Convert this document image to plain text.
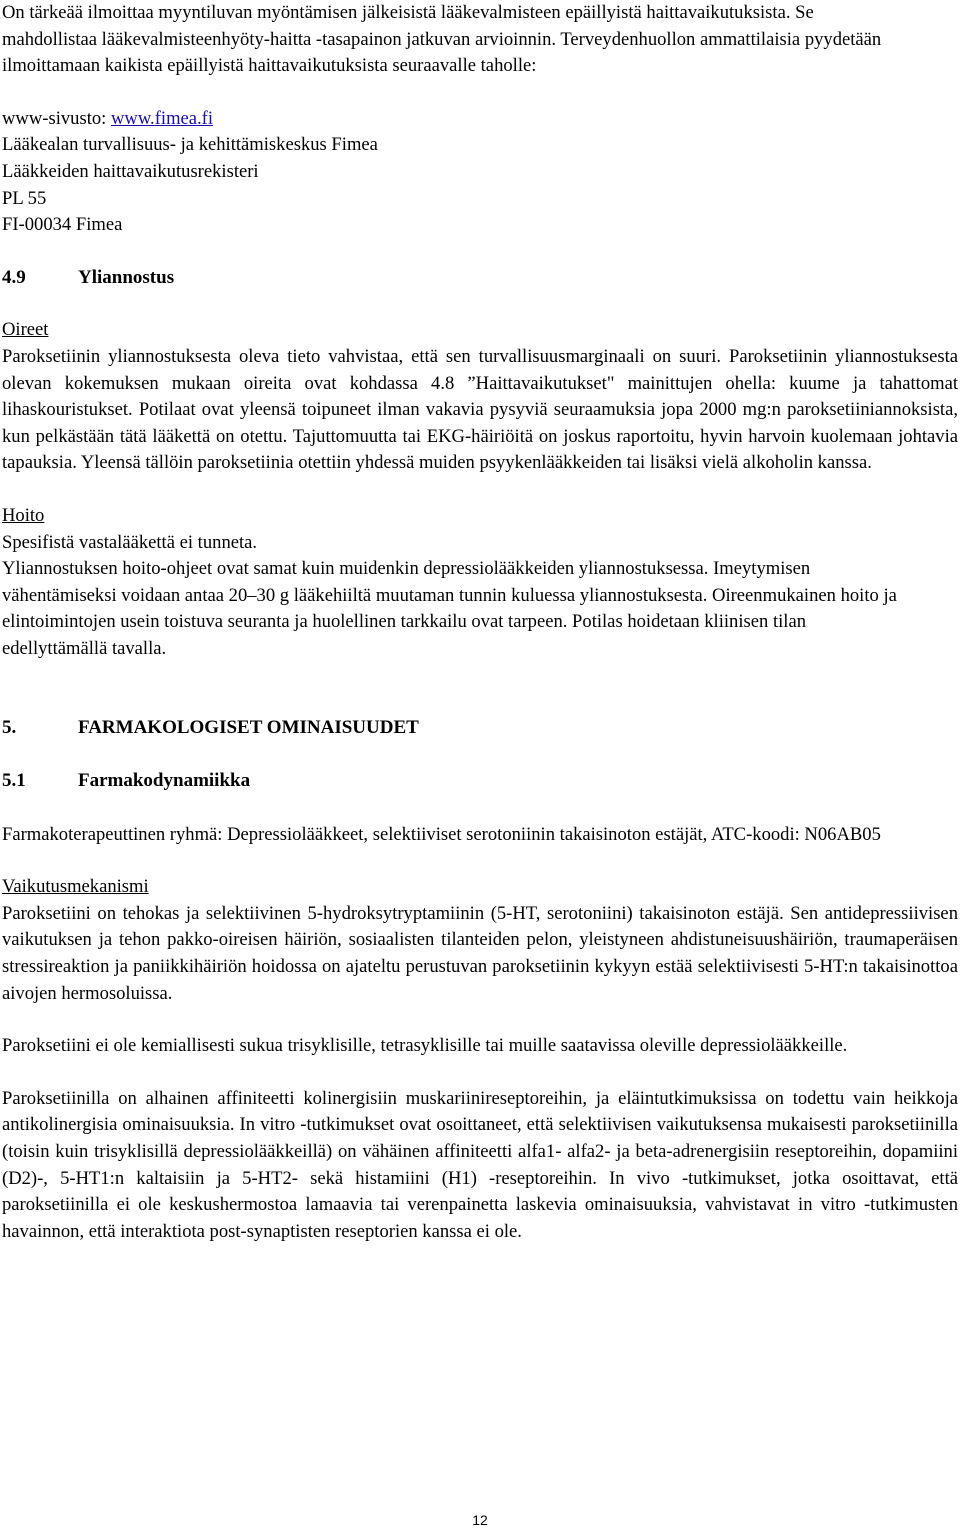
On tärkeää ilmoittaa myyntiluvan myöntämisen jälkeisistä lääkevalmisteen epäillyistä haittavaikutuksista. Se mahdollistaa lääkevalmisteenhyöty-haitta -tasapainon jatkuvan arvioinnin. Terveydenhuollon ammattilaisia pyydetään ilmoittamaan kaikista epäillyistä haittavaikutuksista seuraavalle taholle:

www-sivusto: www.fimea.fi

Lääkealan turvallisuus- ja kehittämiskeskus Fimea

Lääkkeiden haittavaikutusrekisteri

PL 55

FI-00034 Fimea

4.9	Yliannostus

Oireet

Paroksetiinin yliannostuksesta oleva tieto vahvistaa, että sen turvallisuusmarginaali on suuri. Paroksetiinin yliannostuksesta olevan kokemuksen mukaan oireita ovat kohdassa 4.8 ”Haittavaikutukset" mainittujen ohella: kuume ja tahattomat lihaskouristukset. Potilaat ovat yleensä toipuneet ilman vakavia pysyviä seuraamuksia jopa 2000 mg:n paroksetiiniannoksista, kun pelkästään tätä lääkettä on otettu. Tajuttomuutta tai EKG-häiriöitä on joskus raportoitu, hyvin harvoin kuolemaan johtavia tapauksia. Yleensä tällöin paroksetiinia otettiin yhdessä muiden psyykenlääkkeiden tai lisäksi vielä alkoholin kanssa.

Hoito

Spesifistä vastalääkettä ei tunneta.

Yliannostuksen hoito-ohjeet ovat samat kuin muidenkin depressiolääkkeiden yliannostuksessa. Imeytymisen vähentämiseksi voidaan antaa 20–30 g lääkehiiltä muutaman tunnin kuluessa yliannostuksesta. Oireenmukainen hoito ja elintoimintojen usein toistuva seuranta ja huolellinen tarkkailu ovat tarpeen. Potilas hoidetaan kliinisen tilan edellyttämällä tavalla.

5.	FARMAKOLOGISET OMINAISUUDET
5.1	Farmakodynamiikka

Farmakoterapeuttinen ryhmä: Depressiolääkkeet, selektiiviset serotoniinin takaisinoton estäjät, ATC-koodi: N06AB05

Vaikutusmekanismi

Paroksetiini on tehokas ja selektiivinen 5-hydroksytryptamiinin (5-HT, serotoniini) takaisinoton estäjä. Sen antidepressiivisen vaikutuksen ja tehon pakko-oireisen häiriön, sosiaalisten tilanteiden pelon, yleistyneen ahdistuneisuushäiriön, traumaperäisen stressireaktion ja paniikkihäiriön hoidossa on ajateltu perustuvan paroksetiinin kykyyn estää selektiivisesti 5-HT:n takaisinottoa aivojen hermosoluissa.

Paroksetiini ei ole kemiallisesti sukua trisyklisille, tetrasyklisille tai muille saatavissa oleville depressiolääkkeille.

Paroksetiinilla on alhainen affiniteetti kolinergisiin muskariinireseptoreihin, ja eläintutkimuksissa on todettu vain heikkoja antikolinergisia ominaisuuksia. In vitro -tutkimukset ovat osoittaneet, että selektiivisen vaikutuksensa mukaisesti paroksetiinilla (toisin kuin trisyklisillä depressiolääkkeillä) on vähäinen affiniteetti alfa1- alfa2- ja beta-adrenergisiin reseptoreihin, dopamiini (D2)-, 5-HT1:n kaltaisiin ja 5-HT2- sekä histamiini (H1) -reseptoreihin. In vivo -tutkimukset, jotka osoittavat, että paroksetiinilla ei ole keskushermostoa lamaavia tai verenpainetta laskevia ominaisuuksia, vahvistavat in vitro -tutkimusten havainnon, että interaktiota post-synaptisten reseptorien kanssa ei ole.

12
